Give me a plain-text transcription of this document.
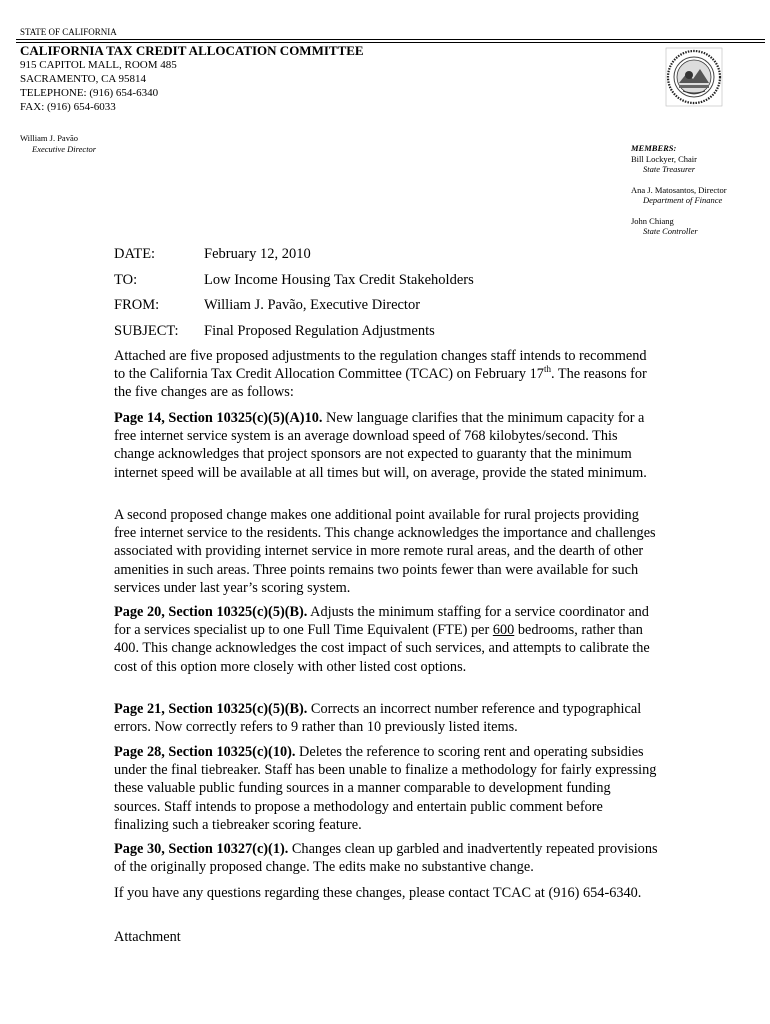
STATE OF CALIFORNIA
CALIFORNIA TAX CREDIT ALLOCATION COMMITTEE
915 CAPITOL MALL, ROOM 485
SACRAMENTO, CA 95814
TELEPHONE: (916) 654-6340
FAX: (916) 654-6033
William J. Pavão
Executive Director	MEMBERS:
Bill Lockyer, Chair
State Treasurer
Ana J. Matosantos, Director
Department of Finance
John Chiang
State Controller
DATE:	February 12, 2010
TO:	Low Income Housing Tax Credit Stakeholders
FROM:	William J. Pavão, Executive Director
SUBJECT: Final Proposed Regulation Adjustments

Attached are five proposed adjustments to the regulation changes staff intends to recommend to the California Tax Credit Allocation Committee (TCAC) on February 17th. The reasons for the five changes are as follows:

Page 14, Section 10325(c)(5)(A)10. New language clarifies that the minimum capacity for a free internet service system is an average download speed of 768 kilobytes/second. This change acknowledges that project sponsors are not expected to guaranty that the minimum internet speed will be available at all times but will, on average, provide the stated minimum.

A second proposed change makes one additional point available for rural projects providing free internet service to the residents. This change acknowledges the importance and challenges associated with providing internet service in more remote rural areas, and the dearth of other amenities in such areas. Three points remains two points fewer than were available for such services under last year’s scoring system.

Page 20, Section 10325(c)(5)(B). Adjusts the minimum staffing for a service coordinator and for a services specialist up to one Full Time Equivalent (FTE) per 600 bedrooms, rather than 400. This change acknowledges the cost impact of such services, and attempts to calibrate the cost of this option more closely with other listed cost options.

Page 21, Section 10325(c)(5)(B). Corrects an incorrect number reference and typographical errors. Now correctly refers to 9 rather than 10 previously listed items.

Page 28, Section 10325(c)(10). Deletes the reference to scoring rent and operating subsidies under the final tiebreaker. Staff has been unable to finalize a methodology for fairly expressing these valuable public funding sources in a manner comparable to development funding sources. Staff intends to propose a methodology and entertain public comment before finalizing such a tiebreaker scoring feature.

Page 30, Section 10327(c)(1). Changes clean up garbled and inadvertently repeated provisions of the originally proposed change. The edits make no substantive change.

If you have any questions regarding these changes, please contact TCAC at (916) 654-6340.

Attachment
